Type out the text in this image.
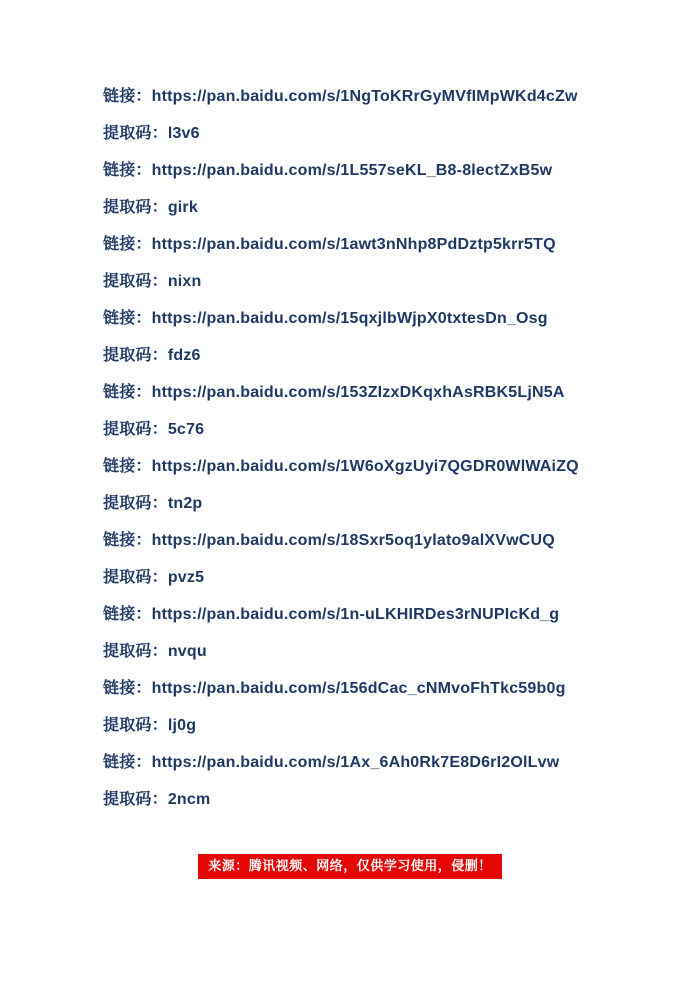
链接：https://pan.baidu.com/s/1NgToKRrGyMVfIMpWKd4cZw

提取码：l3v6

链接：https://pan.baidu.com/s/1L557seKL_B8-8lectZxB5w

提取码：girk

链接：https://pan.baidu.com/s/1awt3nNhp8PdDztp5krr5TQ

提取码：nixn

链接：https://pan.baidu.com/s/15qxjlbWjpX0txtesDn_Osg

提取码：fdz6

链接：https://pan.baidu.com/s/153ZIzxDKqxhAsRBK5LjN5A

提取码：5c76

链接：https://pan.baidu.com/s/1W6oXgzUyi7QGDR0WlWAiZQ

提取码：tn2p

链接：https://pan.baidu.com/s/18Sxr5oq1ylato9alXVwCUQ

提取码：pvz5

链接：https://pan.baidu.com/s/1n-uLKHIRDes3rNUPIcKd_g

提取码：nvqu

链接：https://pan.baidu.com/s/156dCac_cNMvoFhTkc59b0g

提取码：lj0g

链接：https://pan.baidu.com/s/1Ax_6Ah0Rk7E8D6rI2OlLvw

提取码：2ncm

来源：腾讯视频、网络，仅供学习使用，侵删！
